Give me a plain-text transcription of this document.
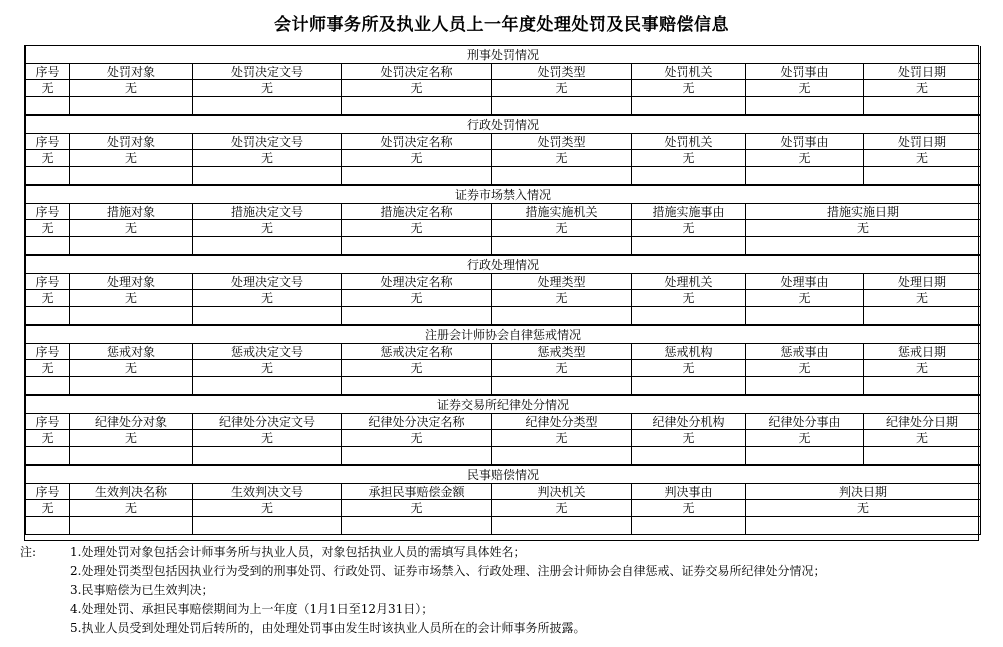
会计师事务所及执业人员上一年度处理处罚及民事赔偿信息
刑事处罚情况							
序号	处罚对象	处罚决定文号	处罚决定名称	处罚类型	处罚机关	处罚事由	处罚日期
无	无	无	无	无	无	无	无

行政处罚情况							
序号	处罚对象	处罚决定文号	处罚决定名称	处罚类型	处罚机关	处罚事由	处罚日期
无	无	无	无	无	无	无	无

证券市场禁入情况							
序号	措施对象	措施决定文号	措施决定名称	措施实施机关	措施实施事由	措施实施日期	
无	无	无	无	无	无	无	

行政处理情况							
序号	处理对象	处理决定文号	处理决定名称	处理类型	处理机关	处理事由	处理日期
无	无	无	无	无	无	无	无

注册会计师协会自律惩戒情况							
序号	惩戒对象	惩戒决定文号	惩戒决定名称	惩戒类型	惩戒机构	惩戒事由	惩戒日期
无	无	无	无	无	无	无	无

证券交易所纪律处分情况							
序号	纪律处分对象	纪律处分决定文号	纪律处分决定名称	纪律处分类型	纪律处分机构	纪律处分事由	纪律处分日期
无	无	无	无	无	无	无	无

民事赔偿情况							
序号	生效判决名称	生效判决文号	承担民事赔偿金额	判决机关	判决事由	判决日期	
无	无	无	无	无	无	无	

注:	1.处理处罚对象包括会计师事务所与执业人员，对象包括执业人员的需填写具体姓名；
2.处理处罚类型包括因执业行为受到的刑事处罚、行政处罚、证券市场禁入、行政处理、注册会计师协会自律惩戒、证券交易所纪律处分情况；
3.民事赔偿为已生效判决；
4.处理处罚、承担民事赔偿期间为上一年度（1月1日至12月31日）；
5.执业人员受到处理处罚后转所的，由处理处罚事由发生时该执业人员所在的会计师事务所披露。
